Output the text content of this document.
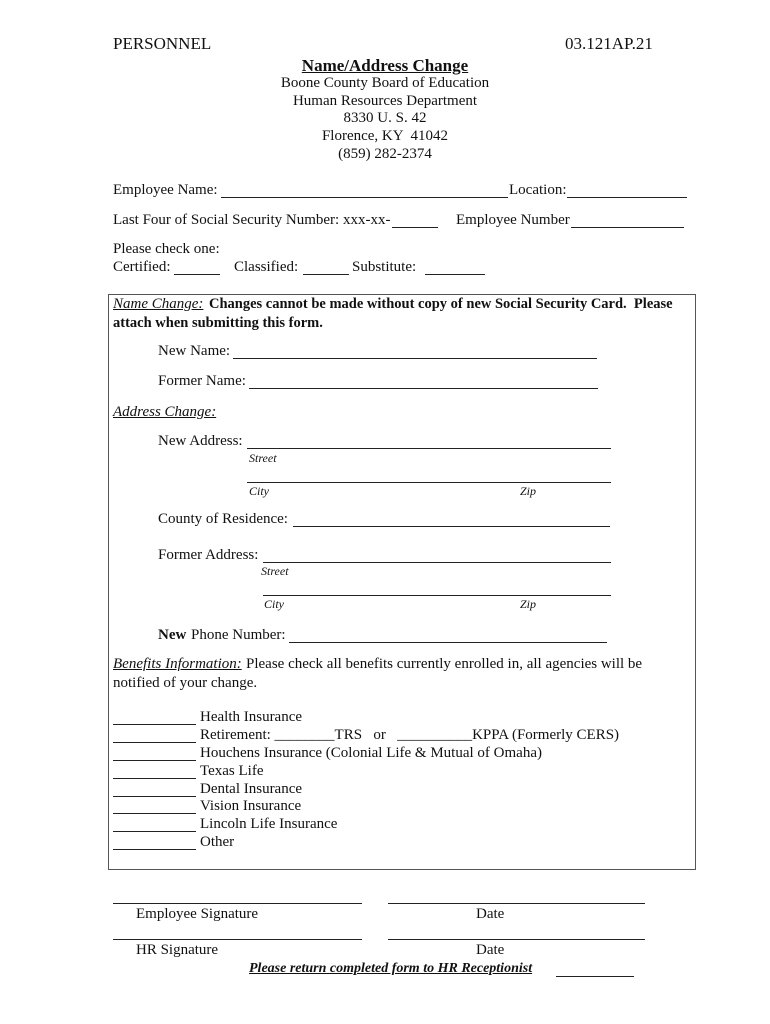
PERSONNEL	03.121AP.21
Name/Address Change
Boone County Board of Education
Human Resources Department
8330 U. S. 42
Florence, KY  41042
(859) 282-2374
Employee Name:	Location:
Last Four of Social Security Number: xxx-xx-	Employee Number
Please check one:
Certified:	Classified:	Substitute:
Name Change: Changes cannot be made without copy of new Social Security Card.  Please
attach when submitting this form.
New Name:
Former Name:
Address Change:
New Address:
Street
City	Zip
County of Residence:
Former Address:
Street
City	Zip
New Phone Number:
Benefits Information: Please check all benefits currently enrolled in, all agencies will be
notified of your change.
Health Insurance
Retirement: ________TRS   or   __________KPPA (Formerly CERS)
Houchens Insurance (Colonial Life & Mutual of Omaha)
Texas Life
Dental Insurance
Vision Insurance
Lincoln Life Insurance
Other
Employee Signature	Date
HR Signature	Date
Please return completed form to HR Receptionist
